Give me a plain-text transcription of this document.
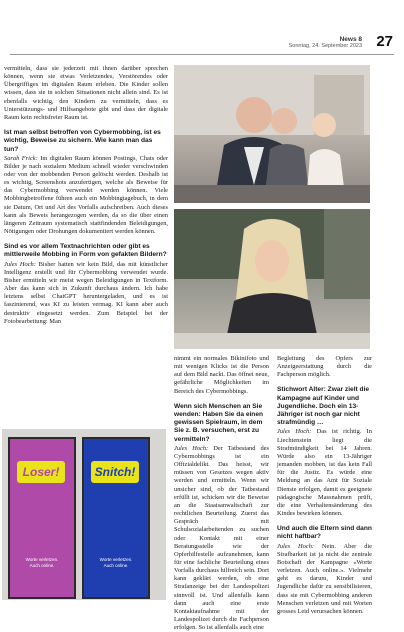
News 8
Sonntag, 24. September 2023 27

vermitteln, dass sie jederzeit mit ihnen darüber sprechen können, wenn sie etwas Verletzendes, Verstörendes oder Übergriffiges im digitalen Raum erleben. Die Kinder sollen wissen, dass sie in solchen Situationen nicht allein sind. Es ist ebenfalls wichtig, den Kindern zu vermitteln, dass es Unterstützungs- und Hilfsangebote gibt und dass der digitale Raum kein rechtsfreier Raum ist.

Ist man selbst betroffen von Cybermobbing, ist es wichtig, Beweise zu sichern. Wie kann man das tun?

Sarah Frick: Im digitalen Raum können Postings, Chats oder Bilder je nach sozialem Medium schnell wieder verschwinden oder von der mobbenden Person gelöscht werden. Deshalb ist es wichtig, Screenshots anzufertigen, welche als Beweise für das Cybermobbing verwendet werden können. Viele Mobbingbetroffene führen auch ein Mobbingtagebuch, in dem sie Datum, Ort und Art des Vorfalls aufschreiben. Auch dieses kann als Beweis herangezogen werden, da so die über einen längeren Zeitraum systematisch stattfindenden Beleidigungen, Nötigungen oder Drohungen dokumentiert werden können.

Sind es vor allem Textnachrichten oder gibt es mittlerweile Mobbing in Form von gefakten Bildern?

Jules Hoch: Bisher hatten wir kein Bild, das mit künstlicher Intelligenz erstellt und für Cybermobbing verwendet wurde. Bisher ermitteln wir meist wegen Beleidigungen in Textform. Aber das kann sich in Zukunft durchaus ändern. Ich habe letztens selbst ChatGPT heruntergeladen, und es ist faszinierend, was KI zu leisten vermag. KI kann aber auch destruktiv eingesetzt werden. Zum Beispiel bei der Fotobearbeitung: Man

Loser!
Worte verletzen. Auch online.
Snitch!
Worte verletzen. Auch online.

nimmt ein normales Bikinifoto und mit wenigen Klicks ist die Person auf dem Bild nackt. Das öffnet neue, gefährliche Möglichkeiten im Bereich des Cybermobbings.

Wenn sich Menschen an Sie wenden: Haben Sie da einen gewissen Spielraum, in dem Sie z. B. versuchen, erst zu vermitteln?

Jules Hoch: Der Tatbestand des Cybermobbings ist ein Offizialdelikt. Das heisst, wir müssen von Gesetzes wegen aktiv werden und ermitteln. Wenn wir unsicher sind, ob der Tatbestand erfüllt ist, schicken wir die Beweise an die Staatsanwaltschaft zur rechtlichen Beurteilung. Zuerst das Gespräch mit Schulsozialarbeitenden zu suchen oder Kontakt mit einer Beratungsstelle wie der Opferhilfestelle aufzunehmen, kann für eine fachliche Beurteilung eines Vorfalls durchaus hilfreich sein. Dort kann geklärt werden, ob eine Strafanzeige bei der Landespolizei sinnvoll ist. Und allenfalls kann dann auch eine erste Kontaktaufnahme mit der Landespolizei durch die Fachperson erfolgen. So ist allenfalls auch eine

Begleitung des Opfers zur Anzeigeerstattung durch die Fachperson möglich.

Stichwort Alter: Zwar zielt die Kampagne auf Kinder und Jugendliche. Doch ein 13-Jähriger ist noch gar nicht strafmündig …

Jules Hoch: Das ist richtig. In Liechtenstein liegt die Strafmündigkeit bei 14 Jahren. Würde also ein 13-Jähriger jemanden mobben, ist das kein Fall für die Justiz. Es würde eine Meldung an das Amt für Soziale Dienste erfolgen, damit es geeignete pädagogische Massnahmen prüft, die eine Verhaltensänderung des Kindes bewirken können.

Und auch die Eltern sind dann nicht haftbar?

Jules Hoch: Nein. Aber die Strafbarkeit ist ja nicht die zentrale Botschaft der Kampagne «Worte verletzen. Auch online.». Vielmehr geht es darum, Kinder und Jugendliche dafür zu sensibilisieren, dass sie mit Cybermobbing anderen Menschen verletzen und mit Worten grosses Leid verursachen können.
